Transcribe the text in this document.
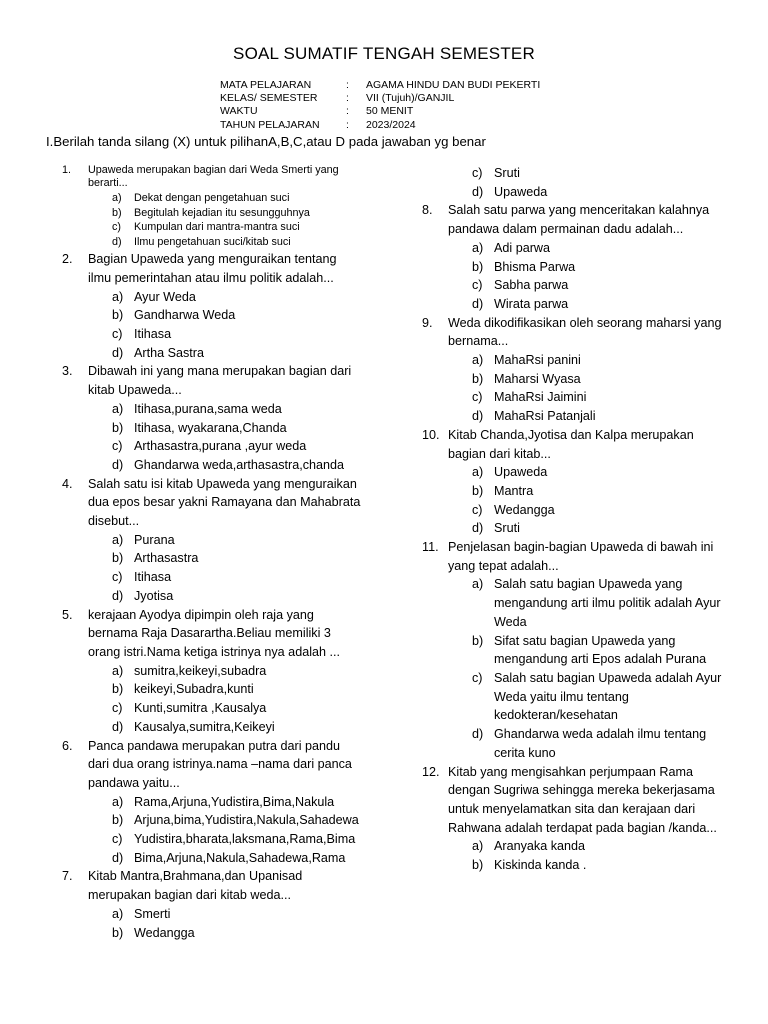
SOAL SUMATIF TENGAH SEMESTER
MATA PELAJARAN	:	AGAMA HINDU DAN BUDI PEKERTI
KELAS/ SEMESTER	:	VII (Tujuh)/GANJIL
WAKTU	:	50 MENIT
TAHUN PELAJARAN	:	2023/2024
I.Berilah tanda silang (X) untuk pilihanA,B,C,atau D pada jawaban yg benar
1. Upaweda merupakan bagian dari Weda Smerti yang berarti...
a) Dekat dengan pengetahuan suci
b) Begitulah kejadian itu sesungguhnya
c) Kumpulan dari mantra-mantra suci
d) Ilmu pengetahuan suci/kitab suci
2. Bagian Upaweda yang menguraikan tentang ilmu pemerintahan atau ilmu politik adalah...
a) Ayur Weda
b) Gandharwa Weda
c) Itihasa
d) Artha Sastra
3. Dibawah ini yang mana merupakan bagian dari kitab Upaweda...
a) Itihasa,purana,sama weda
b) Itihasa, wyakarana,Chanda
c) Arthasastra,purana ,ayur weda
d) Ghandarwa weda,arthasastra,chanda
4. Salah satu isi kitab Upaweda yang menguraikan dua epos besar yakni Ramayana dan Mahabrata disebut...
a) Purana
b) Arthasastra
c) Itihasa
d) Jyotisa
5. kerajaan Ayodya dipimpin oleh raja yang bernama Raja Dasarartha.Beliau memiliki 3 orang istri.Nama ketiga istrinya nya adalah ...
a) sumitra,keikeyi,subadra
b) keikeyi,Subadra,kunti
c) Kunti,sumitra ,Kausalya
d) Kausalya,sumitra,Keikeyi
6. Panca pandawa merupakan putra dari pandu dari dua orang istrinya.nama –nama dari panca pandawa yaitu...
a) Rama,Arjuna,Yudistira,Bima,Nakula
b) Arjuna,bima,Yudistira,Nakula,Sahadewa
c) Yudistira,bharata,laksmana,Rama,Bima
d) Bima,Arjuna,Nakula,Sahadewa,Rama
7. Kitab Mantra,Brahmana,dan Upanisad merupakan bagian dari kitab weda...
a) Smerti
b) Wedangga
c) Sruti
d) Upaweda
8. Salah satu parwa yang menceritakan kalahnya pandawa dalam permainan dadu adalah...
a) Adi parwa
b) Bhisma Parwa
c) Sabha parwa
d) Wirata parwa
9. Weda dikodifikasikan oleh seorang maharsi yang bernama...
a) MahaRsi panini
b) Maharsi Wyasa
c) MahaRsi Jaimini
d) MahaRsi Patanjali
10. Kitab Chanda,Jyotisa dan Kalpa merupakan bagian dari kitab...
a) Upaweda
b) Mantra
c) Wedangga
d) Sruti
11. Penjelasan bagin-bagian Upaweda di bawah ini yang tepat adalah...
a) Salah satu bagian Upaweda yang mengandung arti ilmu politik adalah Ayur Weda
b) Sifat satu bagian Upaweda yang mengandung arti Epos adalah Purana
c) Salah satu bagian Upaweda adalah Ayur Weda yaitu ilmu tentang kedokteran/kesehatan
d) Ghandarwa weda adalah ilmu tentang cerita kuno
12. Kitab yang mengisahkan perjumpaan Rama dengan Sugriwa sehingga mereka bekerjasama untuk menyelamatkan sita dan kerajaan dari Rahwana adalah terdapat pada bagian /kanda...
a) Aranyaka kanda
b) Kiskinda kanda .
